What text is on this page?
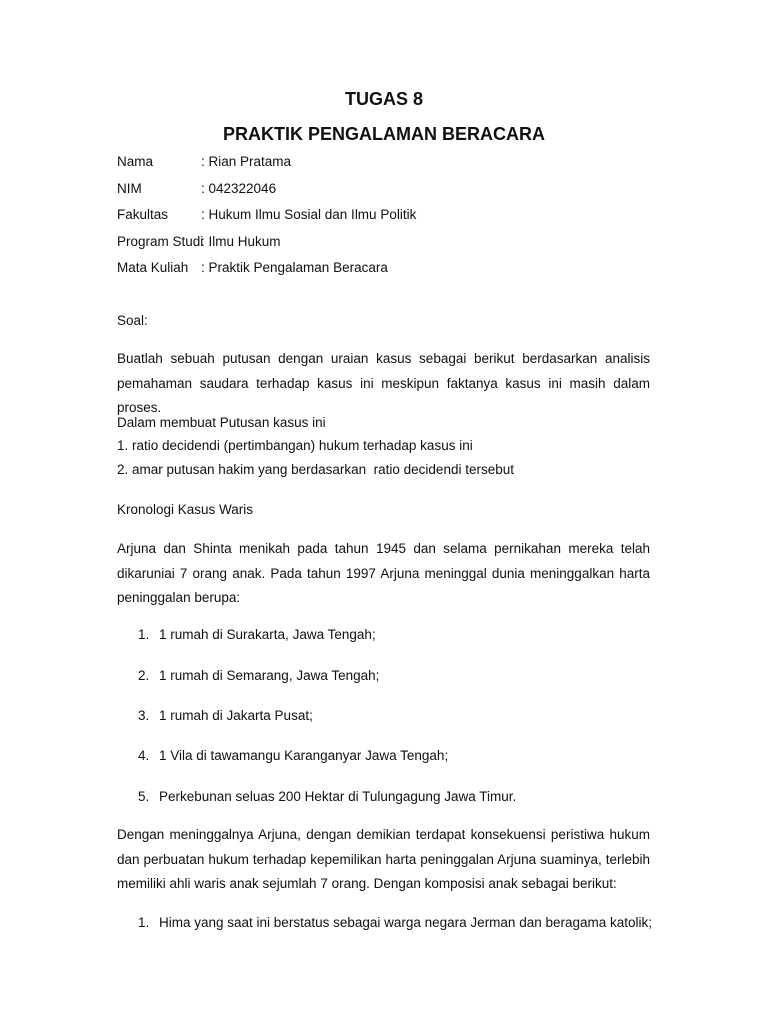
TUGAS 8
PRAKTIK PENGALAMAN BERACARA
Nama	: Rian Pratama
NIM	: 042322046
Fakultas : Hukum Ilmu Sosial dan Ilmu Politik
Program Studi
: Ilmu Hukum
Mata Kuliah : Praktik Pengalaman Beracara
Soal:

Buatlah sebuah putusan dengan uraian kasus sebagai berikut berdasarkan analisis pemahaman saudara terhadap kasus ini meskipun faktanya kasus ini masih dalam proses.

Dalam membuat Putusan kasus ini
1. ratio decidendi (pertimbangan) hukum terhadap kasus ini
2. amar putusan hakim yang berdasarkan  ratio decidendi tersebut
Kronologi Kasus Waris

Arjuna dan Shinta menikah pada tahun 1945 dan selama pernikahan mereka telah dikaruniai 7 orang anak. Pada tahun 1997 Arjuna meninggal dunia meninggalkan harta peninggalan berupa:

1. 1 rumah di Surakarta, Jawa Tengah;
2. 1 rumah di Semarang, Jawa Tengah;
3. 1 rumah di Jakarta Pusat;
4. 1 Vila di tawamangu Karanganyar Jawa Tengah;
5. Perkebunan seluas 200 Hektar di Tulungagung Jawa Timur.

Dengan meninggalnya Arjuna, dengan demikian terdapat konsekuensi peristiwa hukum dan perbuatan hukum terhadap kepemilikan harta peninggalan Arjuna suaminya, terlebih memiliki ahli waris anak sejumlah 7 orang. Dengan komposisi anak sebagai berikut:

1. Hima yang saat ini berstatus sebagai warga negara Jerman dan beragama katolik;
